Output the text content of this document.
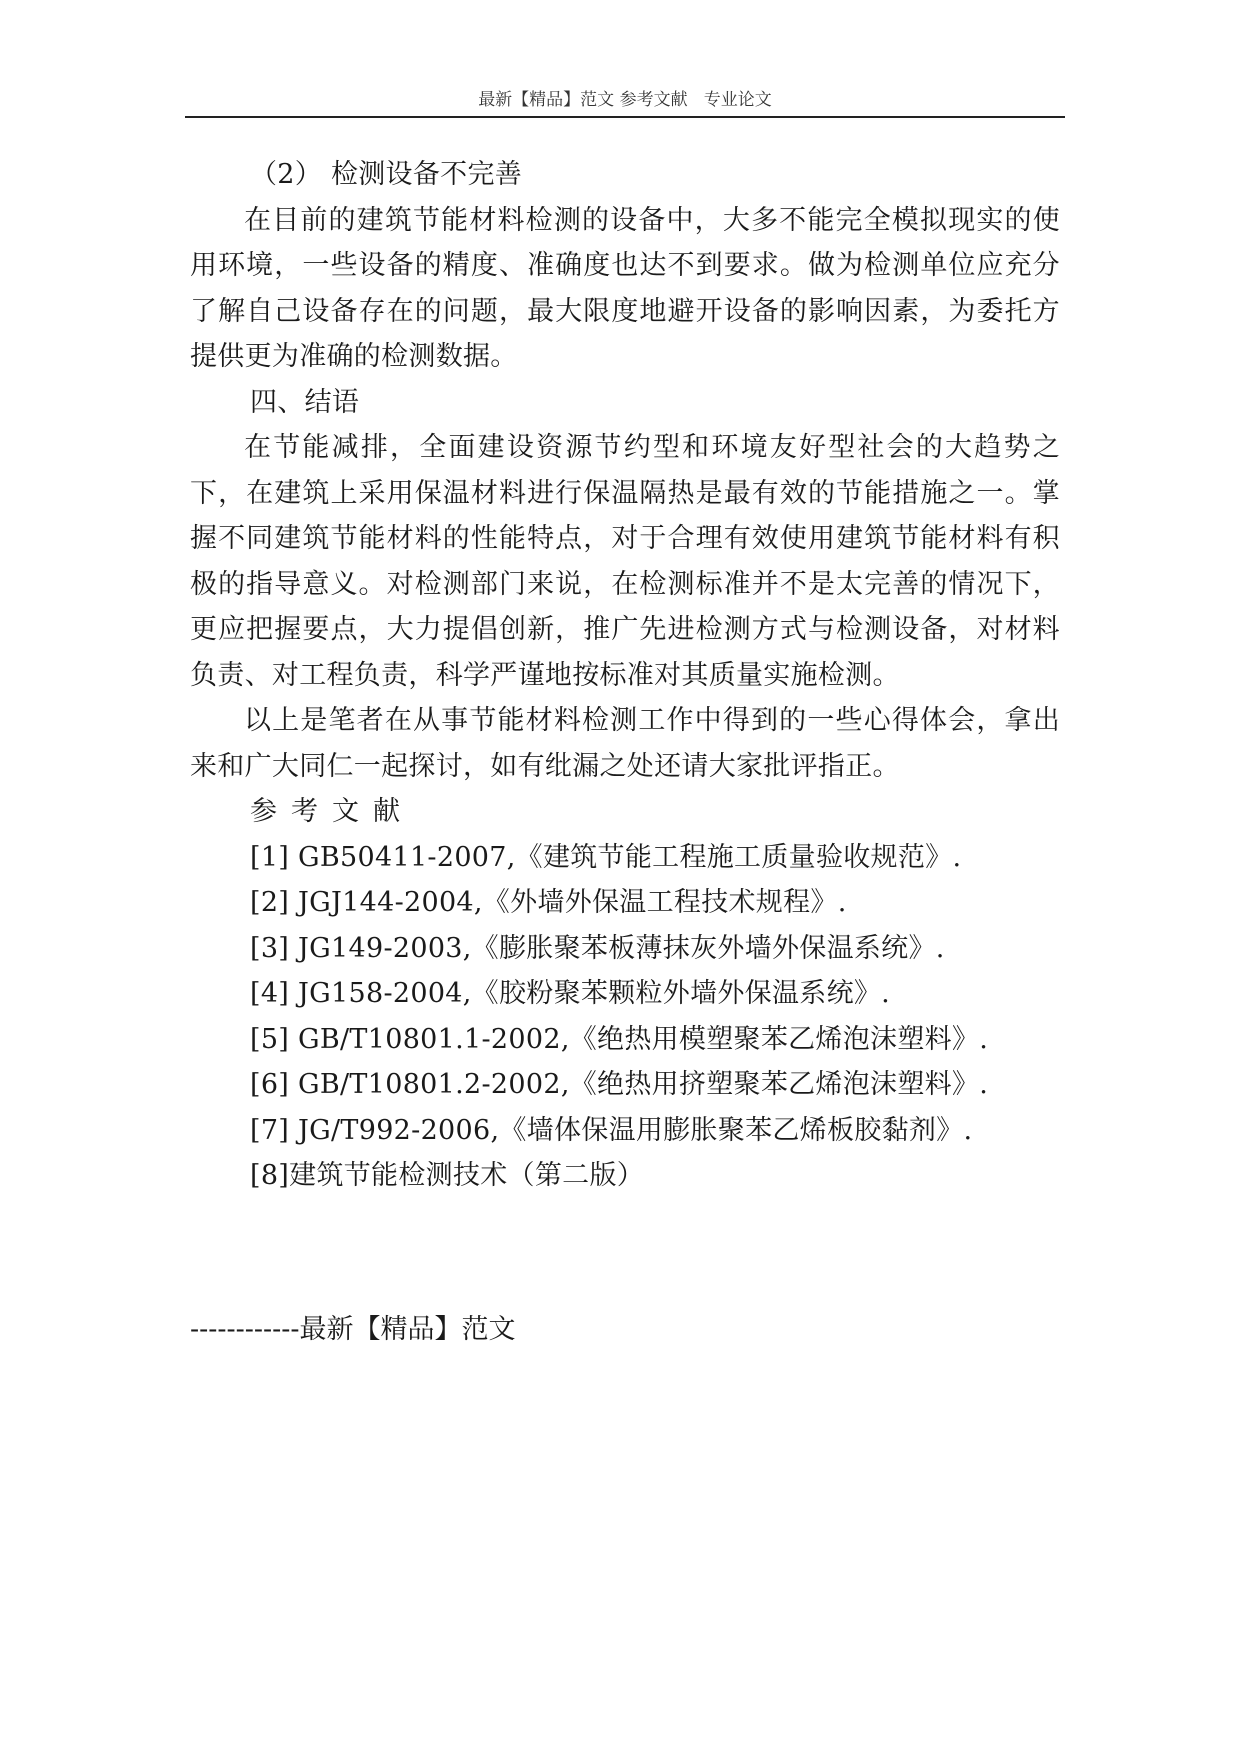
最新【精品】范文 参考文献   专业论文

（2） 检测设备不完善

在目前的建筑节能材料检测的设备中，大多不能完全模拟现实的使用环境，一些设备的精度、准确度也达不到要求。做为检测单位应充分了解自己设备存在的问题，最大限度地避开设备的影响因素，为委托方提供更为准确的检测数据。

四、结语

在节能减排，全面建设资源节约型和环境友好型社会的大趋势之下，在建筑上采用保温材料进行保温隔热是最有效的节能措施之一。掌握不同建筑节能材料的性能特点，对于合理有效使用建筑节能材料有积极的指导意义。对检测部门来说，在检测标准并不是太完善的情况下，更应把握要点，大力提倡创新，推广先进检测方式与检测设备，对材料负责、对工程负责，科学严谨地按标准对其质量实施检测。

以上是笔者在从事节能材料检测工作中得到的一些心得体会，拿出来和广大同仁一起探讨，如有纰漏之处还请大家批评指正。

参考文献

[1] GB50411-2007,《建筑节能工程施工质量验收规范》.
[2] JGJ144-2004,《外墙外保温工程技术规程》.
[3] JG149-2003,《膨胀聚苯板薄抹灰外墙外保温系统》.
[4] JG158-2004,《胶粉聚苯颗粒外墙外保温系统》.
[5] GB/T10801.1-2002,《绝热用模塑聚苯乙烯泡沫塑料》.
[6] GB/T10801.2-2002,《绝热用挤塑聚苯乙烯泡沫塑料》.
[7] JG/T992-2006,《墙体保温用膨胀聚苯乙烯板胶黏剂》.
[8]建筑节能检测技术（第二版）
------------最新【精品】范文
